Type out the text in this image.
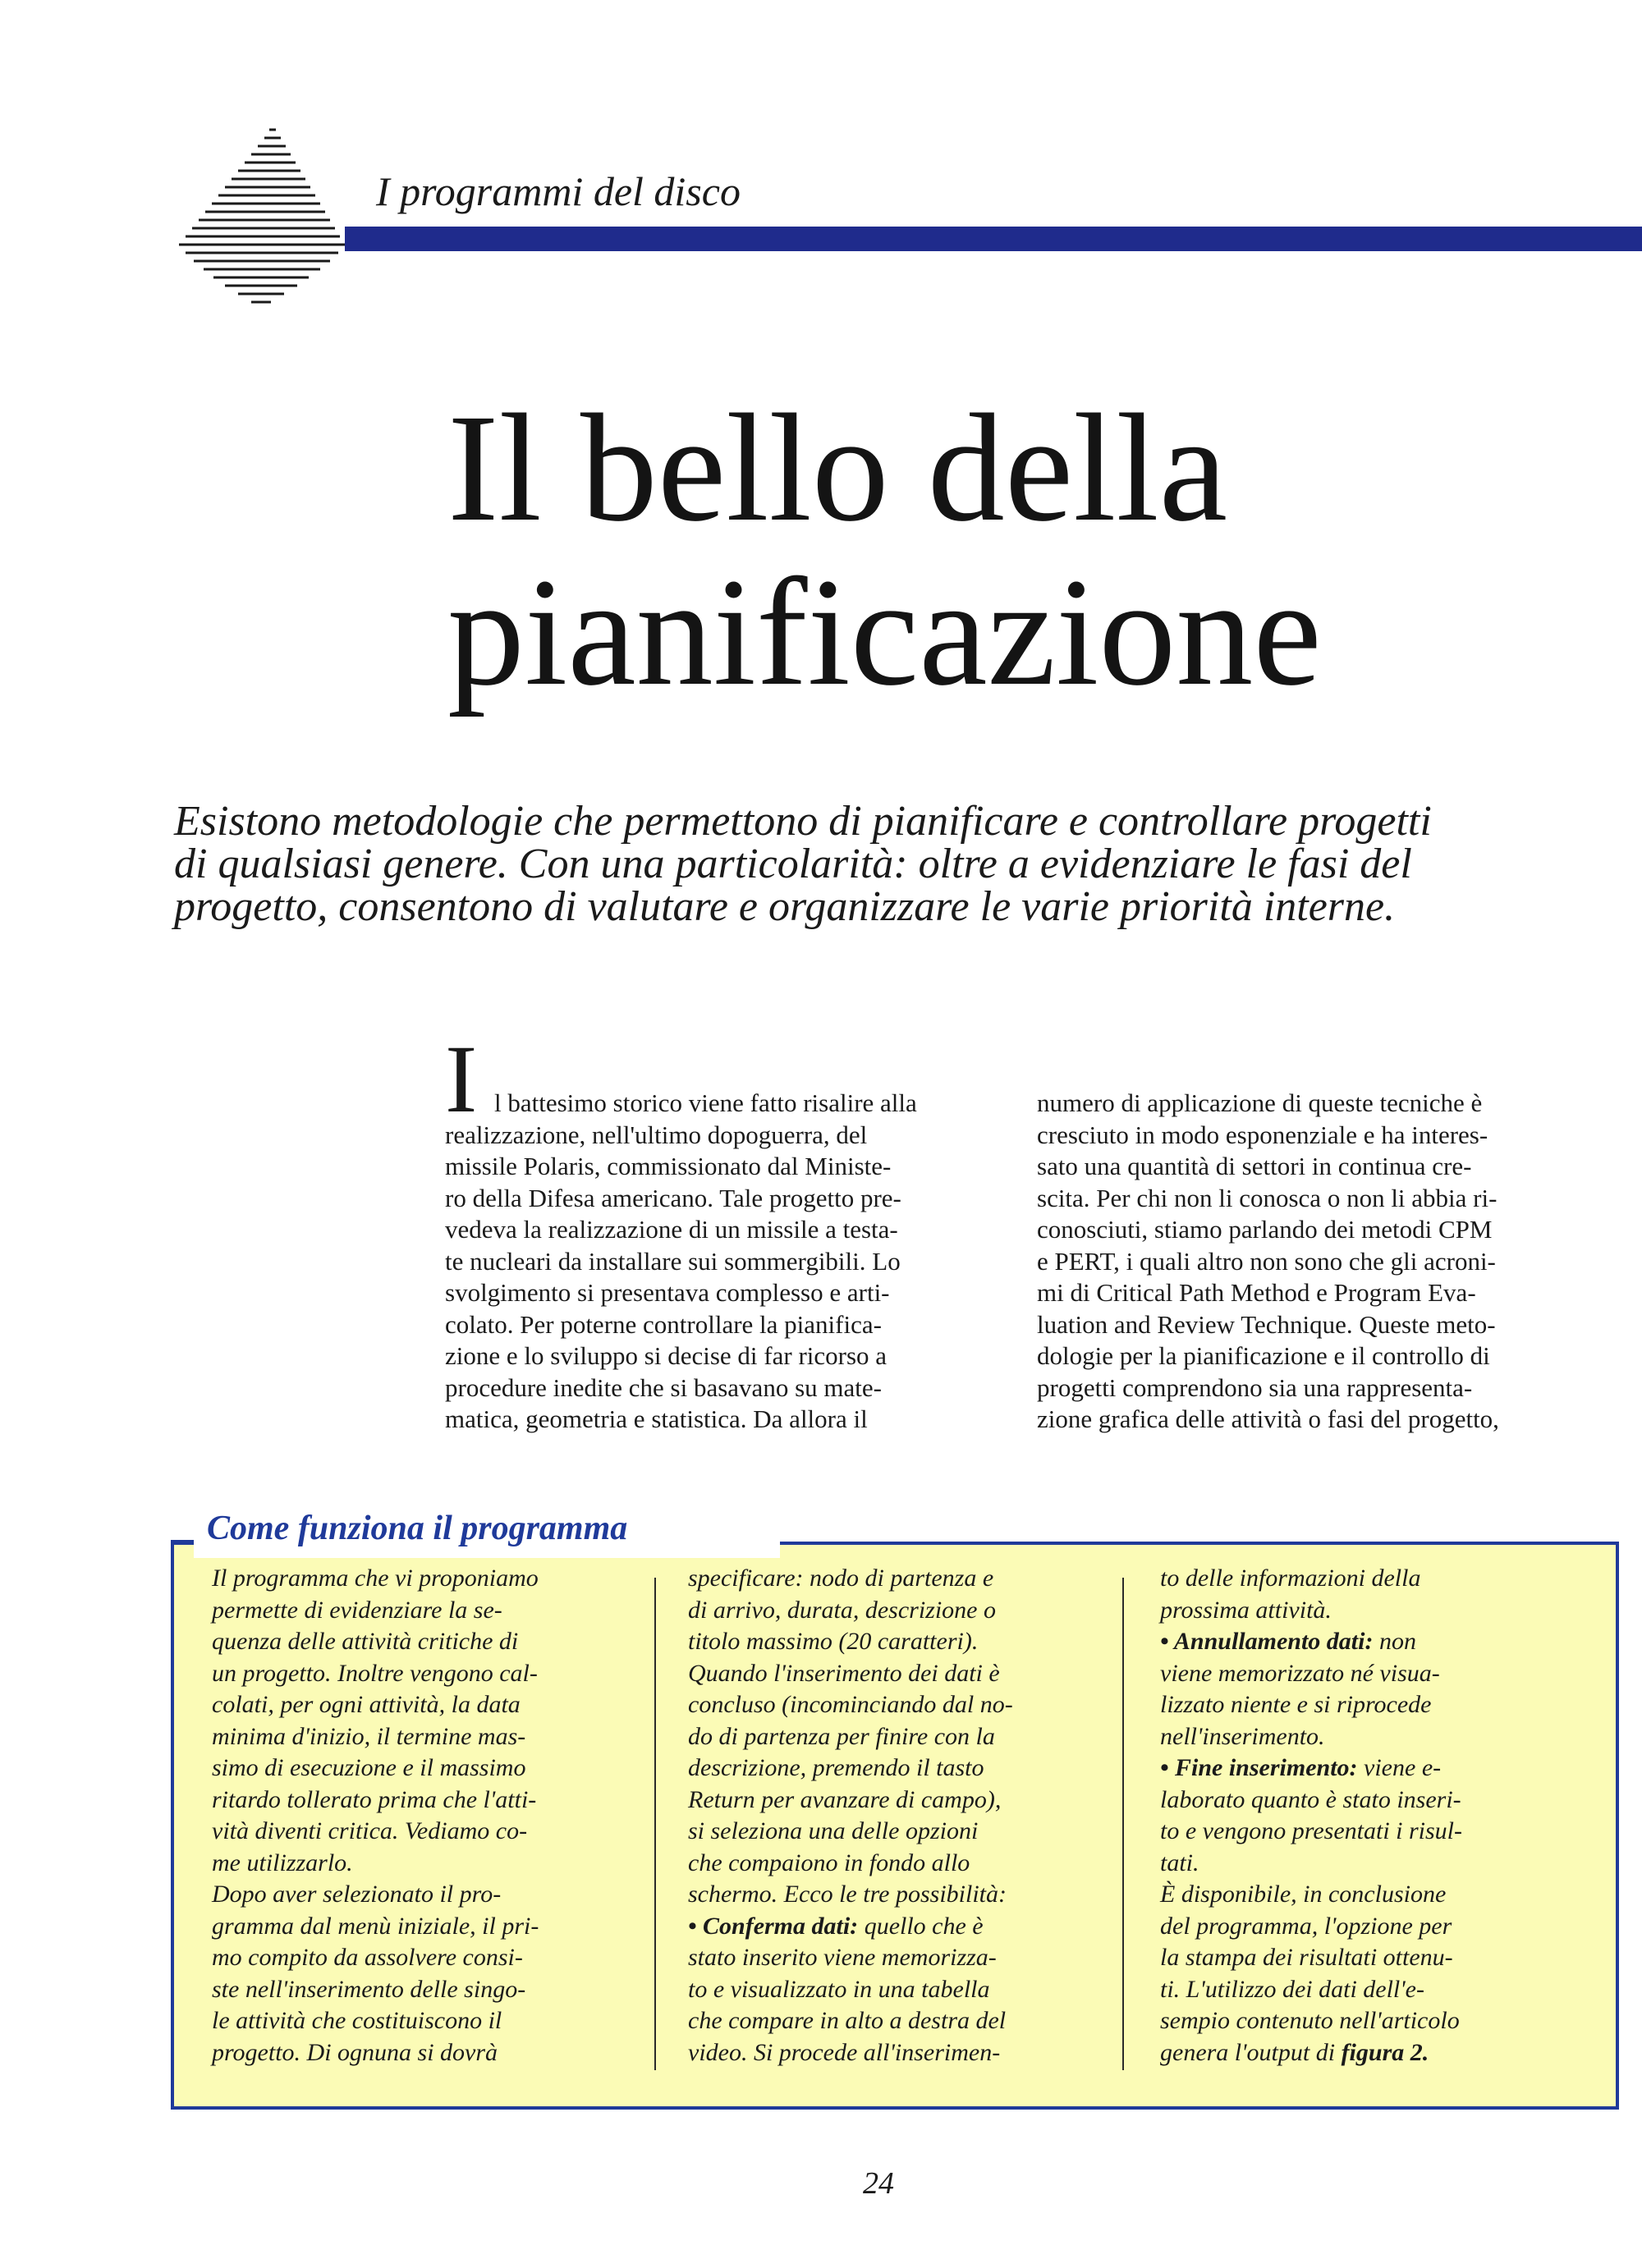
I programmi del disco
Il bello della
pianificazione

Esistono metodologie che permettono di pianificare e controllare progetti
di qualsiasi genere. Con una particolarità: oltre a evidenziare le fasi del
progetto, consentono di valutare e organizzare le varie priorità interne.

I l battesimo storico viene fatto risalire alla
realizzazione, nell'ultimo dopoguerra, del
missile Polaris, commissionato dal Ministe-
ro della Difesa americano. Tale progetto pre-
vedeva la realizzazione di un missile a testa-
te nucleari da installare sui sommergibili. Lo
svolgimento si presentava complesso e arti-
colato. Per poterne controllare la pianifica-
zione e lo sviluppo si decise di far ricorso a
procedure inedite che si basavano su mate-
matica, geometria e statistica. Da allora il
numero di applicazione di queste tecniche è
cresciuto in modo esponenziale e ha interes-
sato una quantità di settori in continua cre-
scita. Per chi non li conosca o non li abbia ri-
conosciuti, stiamo parlando dei metodi CPM
e PERT, i quali altro non sono che gli acroni-
mi di Critical Path Method e Program Eva-
luation and Review Technique. Queste meto-
dologie per la pianificazione e il controllo di
progetti comprendono sia una rappresenta-
zione grafica delle attività o fasi del progetto,
Come funziona il programma
Il programma che vi proponiamo
permette di evidenziare la se-
quenza delle attività critiche di
un progetto. Inoltre vengono cal-
colati, per ogni attività, la data
minima d'inizio, il termine mas-
simo di esecuzione e il massimo
ritardo tollerato prima che l'atti-
vità diventi critica. Vediamo co-
me utilizzarlo.
Dopo aver selezionato il pro-
gramma dal menù iniziale, il pri-
mo compito da assolvere consi-
ste nell'inserimento delle singo-
le attività che costituiscono il
progetto. Di ognuna si dovrà
specificare: nodo di partenza e
di arrivo, durata, descrizione o
titolo massimo (20 caratteri).
Quando l'inserimento dei dati è
concluso (incominciando dal no-
do di partenza per finire con la
descrizione, premendo il tasto
Return per avanzare di campo),
si seleziona una delle opzioni
che compaiono in fondo allo
schermo. Ecco le tre possibilità:
• Conferma dati: quello che è
stato inserito viene memorizza-
to e visualizzato in una tabella
che compare in alto a destra del
video. Si procede all'inserimen-
to delle informazioni della
prossima attività.
• Annullamento dati: non
viene memorizzato né visua-
lizzato niente e si riprocede
nell'inserimento.
• Fine inserimento: viene e-
laborato quanto è stato inseri-
to e vengono presentati i risul-
tati.
È disponibile, in conclusione
del programma, l'opzione per
la stampa dei risultati ottenu-
ti. L'utilizzo dei dati dell'e-
sempio contenuto nell'articolo
genera l'output di figura 2.
24
